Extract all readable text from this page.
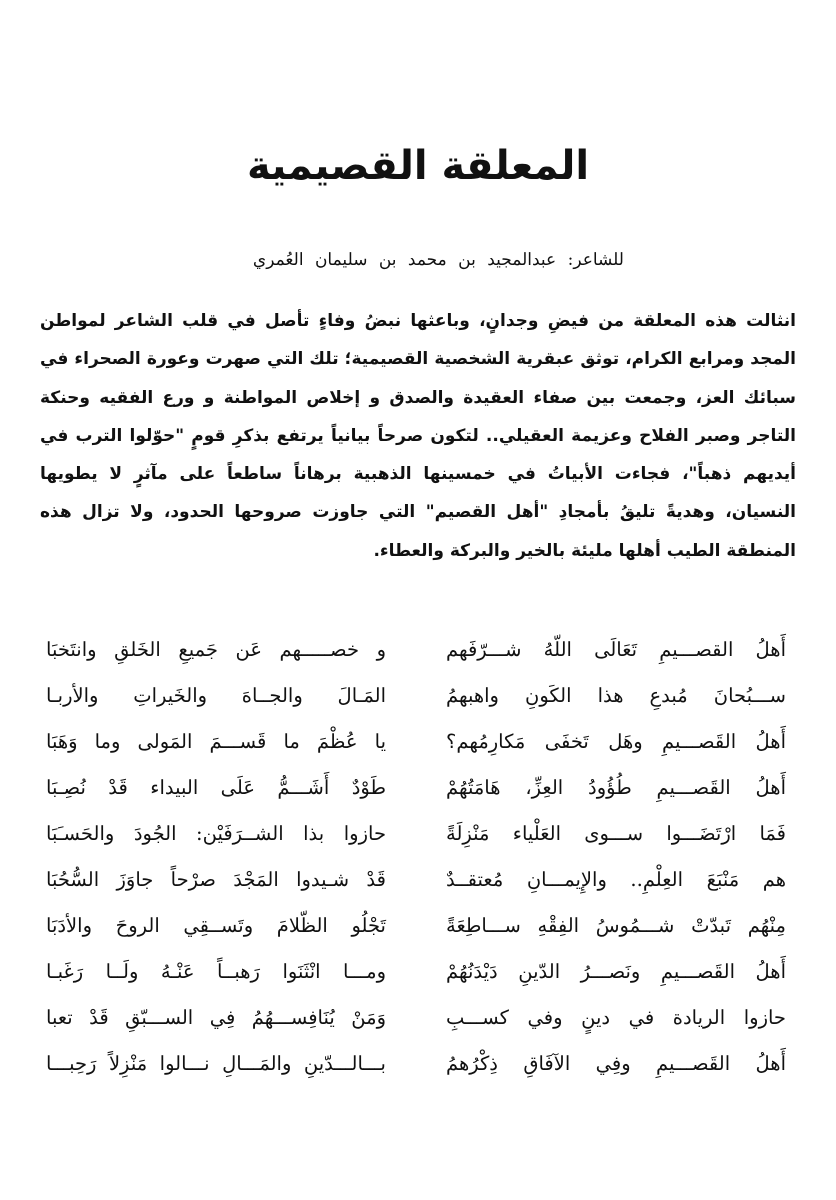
المعلقة القصيمية
للشاعر: عبدالمجيد بن محمد بن سليمان العُمري
انثالت هذه المعلقة من فيضِ وجدانٍ، وباعثها نبضُ وفاءٍ تأصل في قلب الشاعر لمواطن المجد ومرابع الكرام، توثق عبقرية الشخصية القصيمية؛ تلك التي صهرت وعورة الصحراء في سبائك العز، وجمعت بين صفاء العقيدة والصدق و إخلاص المواطنة و ورع الفقيه وحنكة التاجر وصبر الفلاح وعزيمة العقيلي.. لتكون صرحاً بيانياً يرتفع بذكرِ قومٍ "حوّلوا الترب في أيديهم ذهباً"، فجاءت الأبياتُ في خمسينها الذهبية برهاناً ساطعاً على مآثرٍ لا يطويها النسيان، وهديةً تليقُ بأمجادِ "أهل القصيم" التي جاوزت صروحها الحدود، ولا تزال هذه المنطقة الطيب أهلها مليئة بالخير والبركة والعطاء.
أَهلُ القصـــيمِ تَعَالَى اللّهُ شـــرّفَهم
و خصـــــهم عَن جَميعِ الخَلقِ وانتَخبَا
ســـبُحانَ مُبدعِ هذا الكَونِ واهبهمُ
المَـالَ والجــاهَ والخَيراتِ والأربـا
أَهلُ القَصـــيمِ وهَل تَخفَى مَكارِمُهم؟
يا عُظْمَ ما قَســـمَ المَولى وما وَهَبَا
أَهلُ القَصـــيمِ طُؤُودُ العِزِّ، هَامَتُهُمْ
طَوْدٌ أَشَـــمُّ عَلَى البيداء قَدْ نُصِـبَا
فَمَا ارْتَضَـــوا ســـوى العَلْياء مَنْزِلَةً
حازوا بذا الشــرَفَيْن: الجُودَ والحَسـَبَا
هم مَنْبَعَ العِلْمِ.. والإِيمـــانِ مُعتقــدٌ
قَدْ شـيدوا المَجْدَ صرْحاً جاوَزَ السُّحُبَا
مِنْهُم تَبدّتْ شـــمُوسُ الفِقْهِ ســـاطِعَةً
تَجْلُو الظّلامَ وتَســقِي الروحَ والأدَبَا
أَهلُ القَصـــيمِ ونَصـــرُ الدّينِ دَيْدَنُهُمْ
ومـــا انْثَنَوا رَهبــاً عَنْـهُ ولَــا رَغَبـا
حازوا الريادة في دينٍ وفي كســـبِ
وَمَنْ يُنَافِســـهُمُ فِي الســـبّقِ قَدْ تعبا
أَهلُ القَصـــيمِ وفِي الآفَاقِ ذِكْرُهمُ
بـــالـــدّينِ والمَـــالِ نـــالوا مَنْزِلاً رَحِبـــا
